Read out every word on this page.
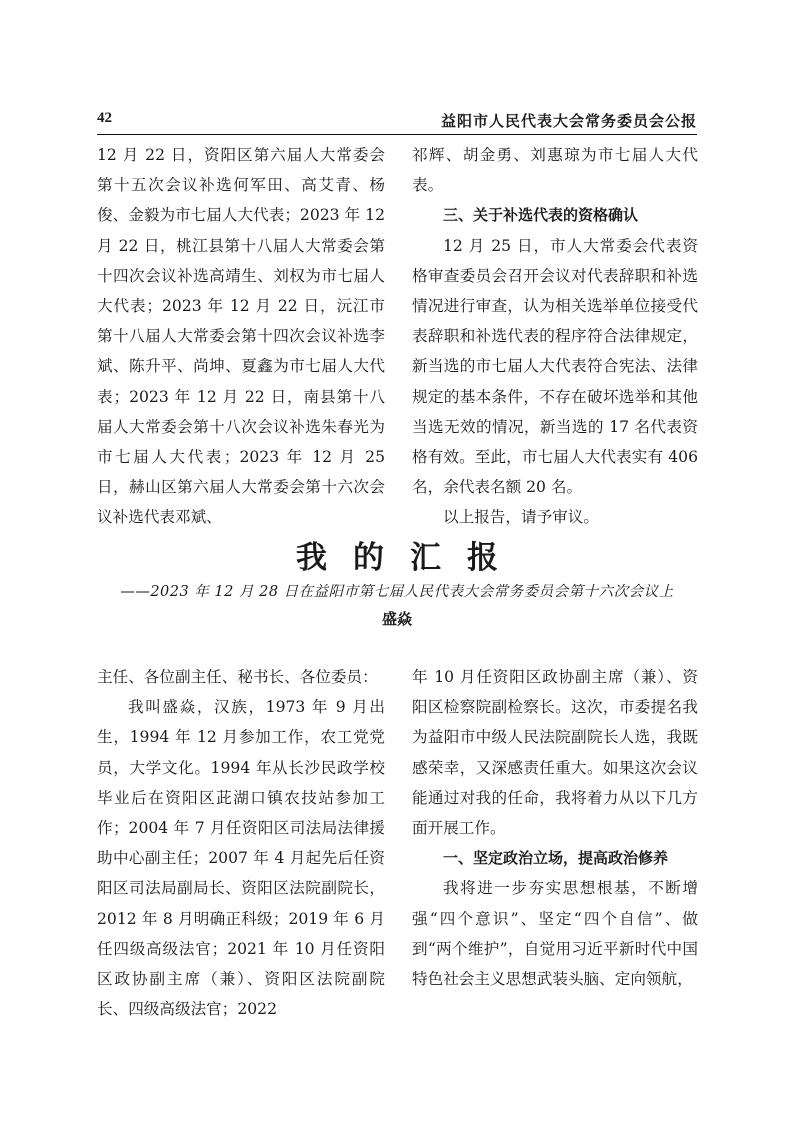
42	益阳市人民代表大会常务委员会公报

12 月 22 日，资阳区第六届人大常委会第十五次会议补选何军田、高艾青、杨俊、金毅为市七届人大代表；2023 年 12 月 22 日，桃江县第十八届人大常委会第十四次会议补选高靖生、刘权为市七届人大代表；2023 年 12 月 22 日，沅江市第十八届人大常委会第十四次会议补选李斌、陈升平、尚坤、夏鑫为市七届人大代表；2023 年 12 月 22 日，南县第十八届人大常委会第十八次会议补选朱春光为市七届人大代表；2023 年 12 月 25 日，赫山区第六届人大常委会第十六次会议补选代表邓斌、

祁辉、胡金勇、刘惠琼为市七届人大代表。

三、关于补选代表的资格确认

12 月 25 日，市人大常委会代表资格审查委员会召开会议对代表辞职和补选情况进行审查，认为相关选举单位接受代表辞职和补选代表的程序符合法律规定，新当选的市七届人大代表符合宪法、法律规定的基本条件，不存在破坏选举和其他当选无效的情况，新当选的 17 名代表资格有效。至此，市七届人大代表实有 406 名，余代表名额 20 名。

以上报告，请予审议。

我的汇报
——2023 年 12 月 28 日在益阳市第七届人民代表大会常务委员会第十六次会议上
盛焱

主任、各位副主任、秘书长、各位委员：

我叫盛焱，汉族，1973 年 9 月出生，1994 年 12 月参加工作，农工党党员，大学文化。1994 年从长沙民政学校毕业后在资阳区茈湖口镇农技站参加工作；2004 年 7 月任资阳区司法局法律援助中心副主任；2007 年 4 月起先后任资阳区司法局副局长、资阳区法院副院长，2012 年 8 月明确正科级；2019 年 6 月任四级高级法官；2021 年 10 月任资阳区政协副主席（兼）、资阳区法院副院长、四级高级法官；2022

年 10 月任资阳区政协副主席（兼）、资阳区检察院副检察长。这次，市委提名我为益阳市中级人民法院副院长人选，我既感荣幸，又深感责任重大。如果这次会议能通过对我的任命，我将着力从以下几方面开展工作。

一、坚定政治立场，提高政治修养

我将进一步夯实思想根基，不断增强“四个意识”、坚定“四个自信”、做到“两个维护”，自觉用习近平新时代中国特色社会主义思想武装头脑、定向领航，
